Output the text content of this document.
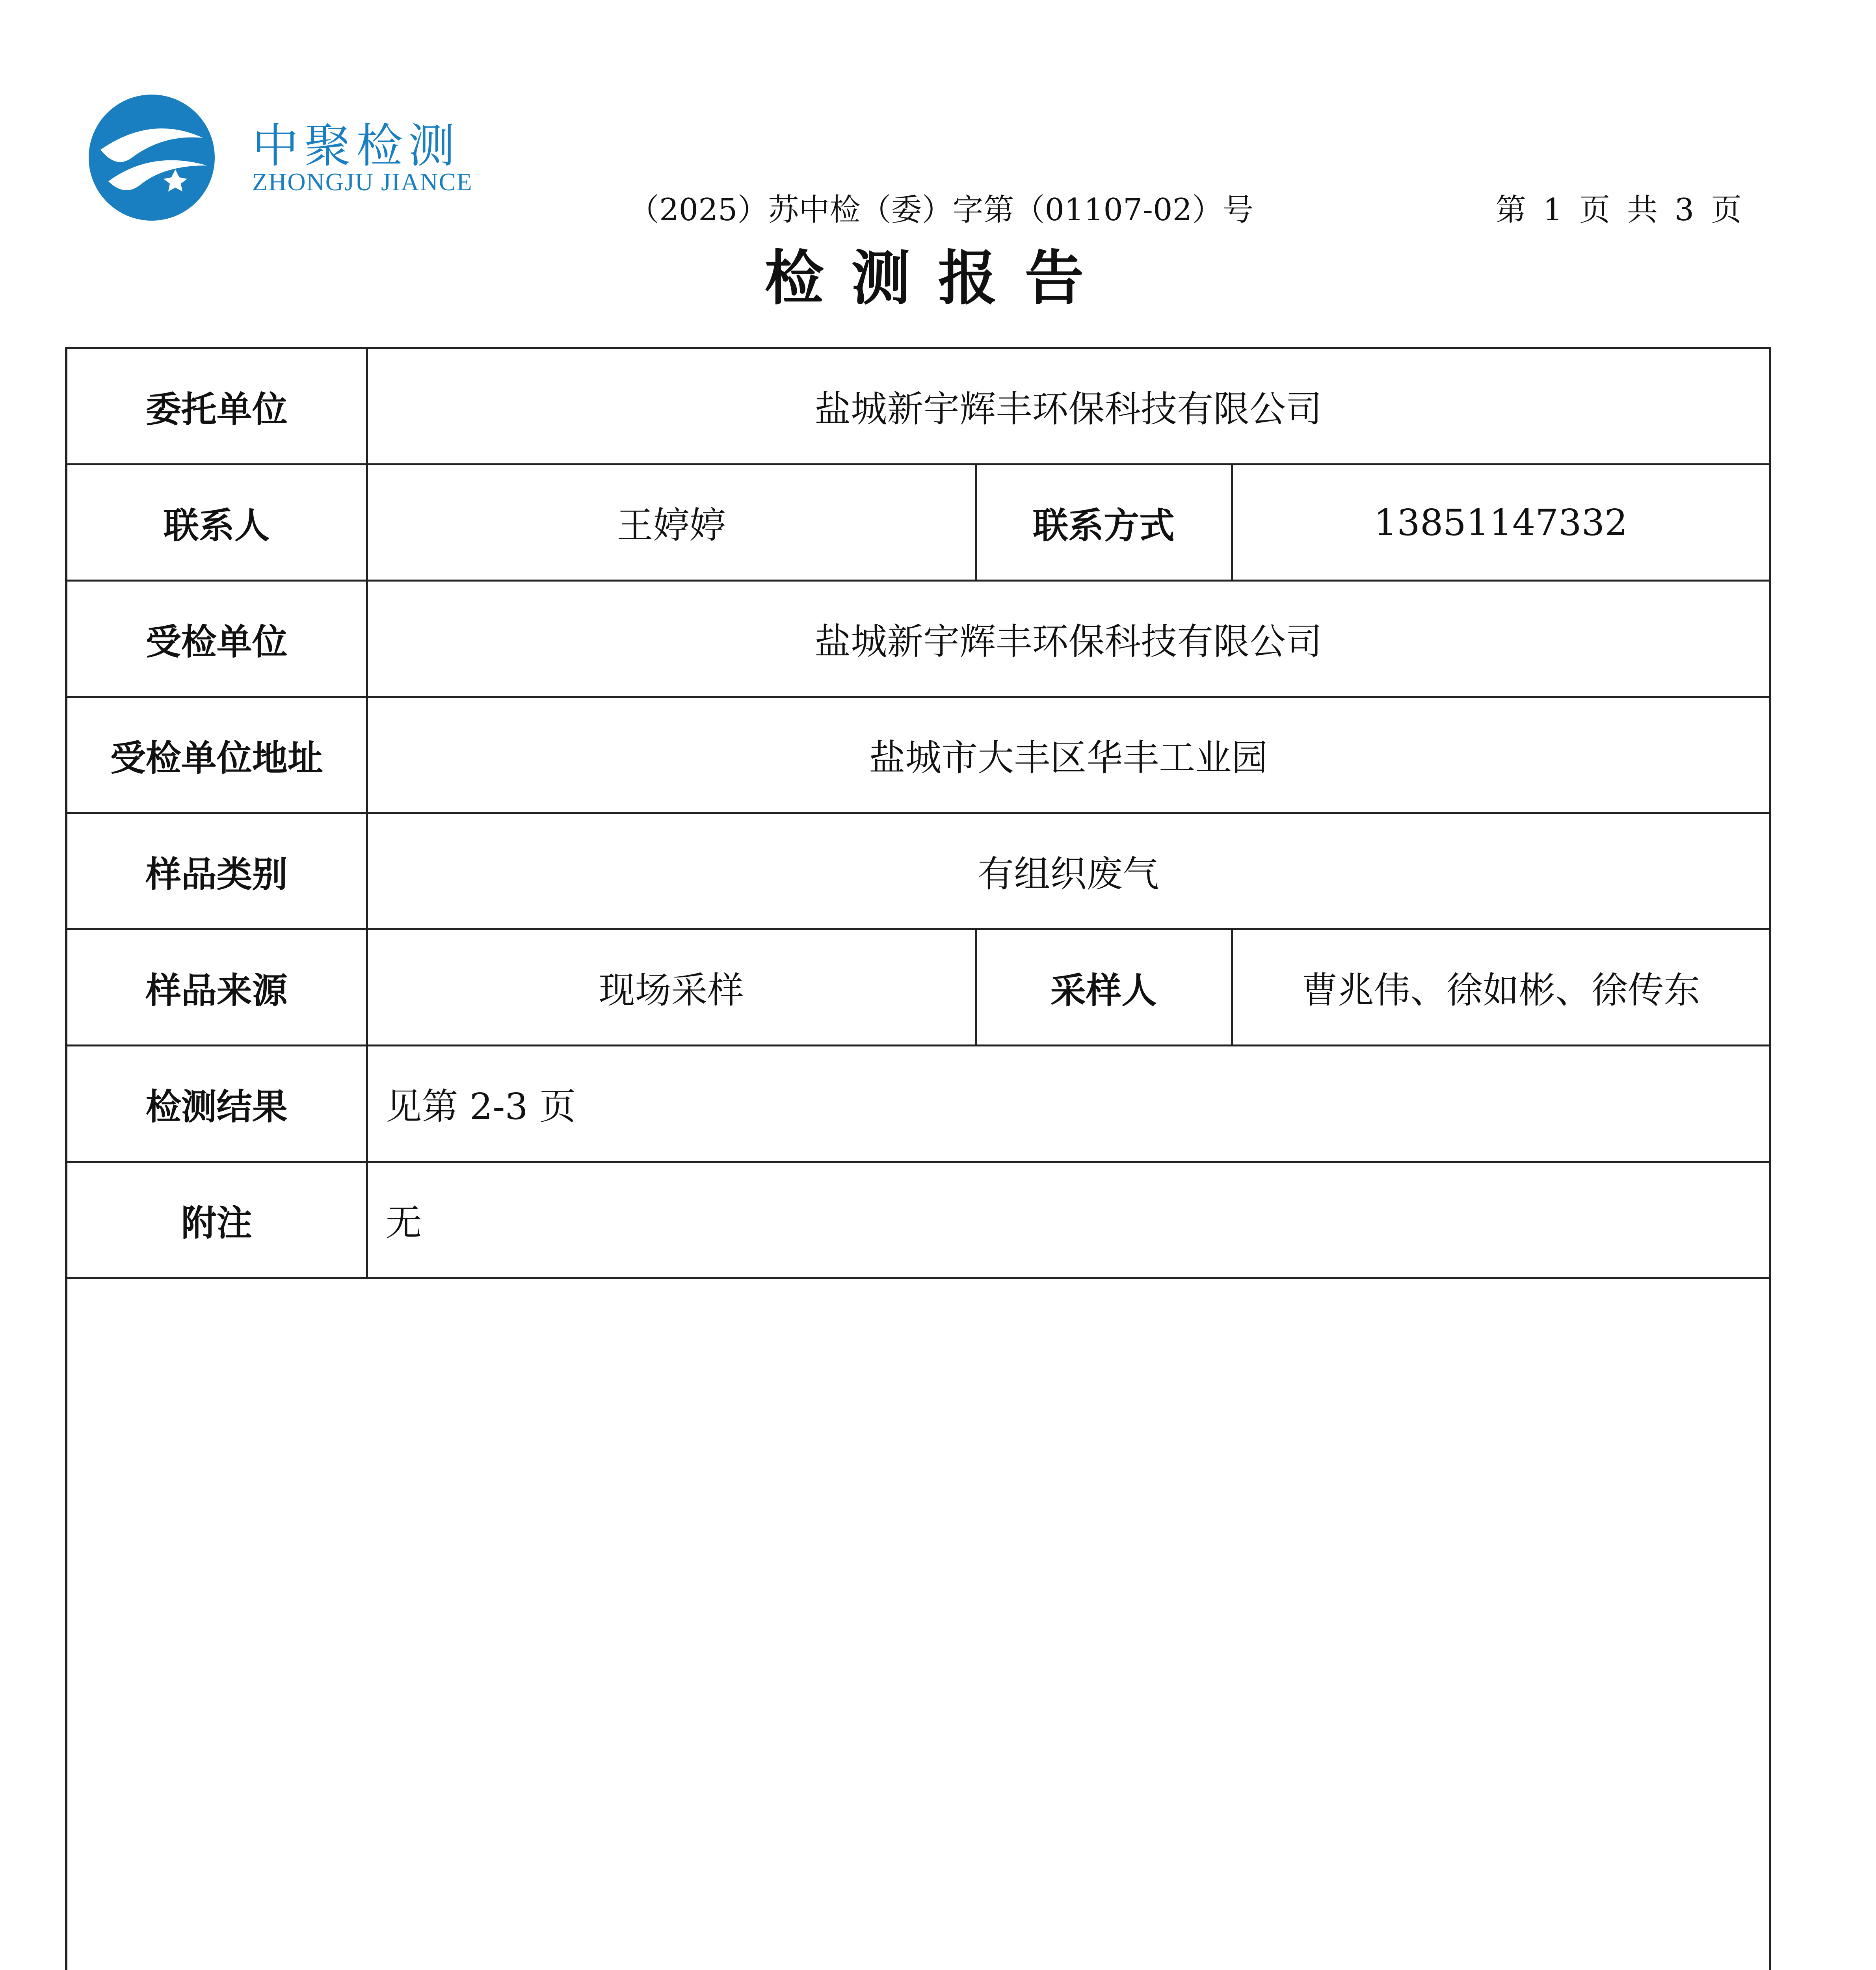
中聚检测
ZHONGJU JIANCE
（2025）苏中检（委）字第（01107-02）号	第 1 页 共 3 页
检测报告
委托单位	盐城新宇辉丰环保科技有限公司		
联系人	王婷婷	联系方式	13851147332
受检单位	盐城新宇辉丰环保科技有限公司		
受检单位地址	盐城市大丰区华丰工业园		
样品类别	有组织废气		
样品来源	现场采样	采样人	曹兆伟、徐如彬、徐传东
检测结果	见第 2-3 页		
附注	无		
